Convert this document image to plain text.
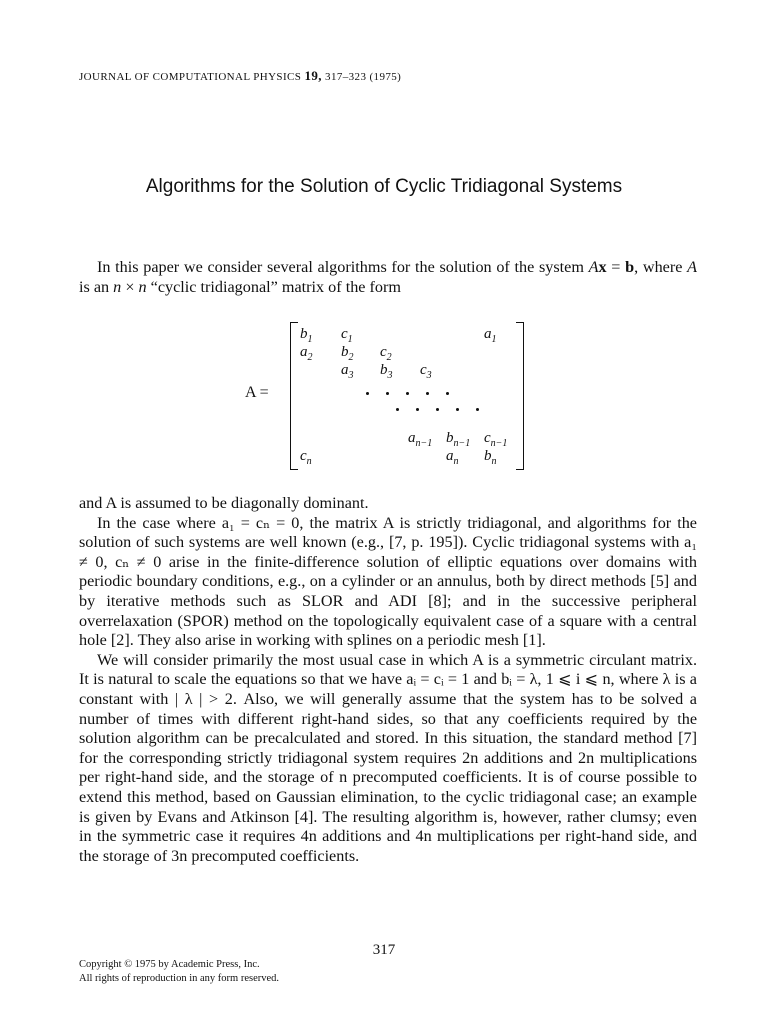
JOURNAL OF COMPUTATIONAL PHYSICS 19, 317–323 (1975)
Algorithms for the Solution of Cyclic Tridiagonal Systems
In this paper we consider several algorithms for the solution of the system Ax = b, where A is an n × n “cyclic tridiagonal” matrix of the form
A =
$b_1$ $c_1$	$a_1$
$a_2$ $b_2$ $c_2$
$a_3$ $b_3$ $c_3$
$a_{n-1}$ $b_{n-1}$ $c_{n-1}$
$c_n$	$a_n$ $b_n$
and A is assumed to be diagonally dominant.
In the case where a₁ = cₙ = 0, the matrix A is strictly tridiagonal, and algorithms for the solution of such systems are well known (e.g., [7, p. 195]). Cyclic tridiagonal systems with a₁ ≠ 0, cₙ ≠ 0 arise in the finite-difference solution of elliptic equations over domains with periodic boundary conditions, e.g., on a cylinder or an annulus, both by direct methods [5] and by iterative methods such as SLOR and ADI [8]; and in the successive peripheral overrelaxation (SPOR) method on the topologically equivalent case of a square with a central hole [2]. They also arise in working with splines on a periodic mesh [1].
We will consider primarily the most usual case in which A is a symmetric circulant matrix. It is natural to scale the equations so that we have aᵢ = cᵢ = 1 and bᵢ = λ, 1 ⩽ i ⩽ n, where λ is a constant with | λ | > 2. Also, we will generally assume that the system has to be solved a number of times with different right-hand sides, so that any coefficients required by the solution algorithm can be precalculated and stored. In this situation, the standard method [7] for the corresponding strictly tridiagonal system requires 2n additions and 2n multiplications per right-hand side, and the storage of n precomputed coefficients. It is of course possible to extend this method, based on Gaussian elimination, to the cyclic tridiagonal case; an example is given by Evans and Atkinson [4]. The resulting algorithm is, however, rather clumsy; even in the symmetric case it requires 4n additions and 4n multiplications per right-hand side, and the storage of 3n precomputed coefficients.
317
Copyright © 1975 by Academic Press, Inc.
All rights of reproduction in any form reserved.
